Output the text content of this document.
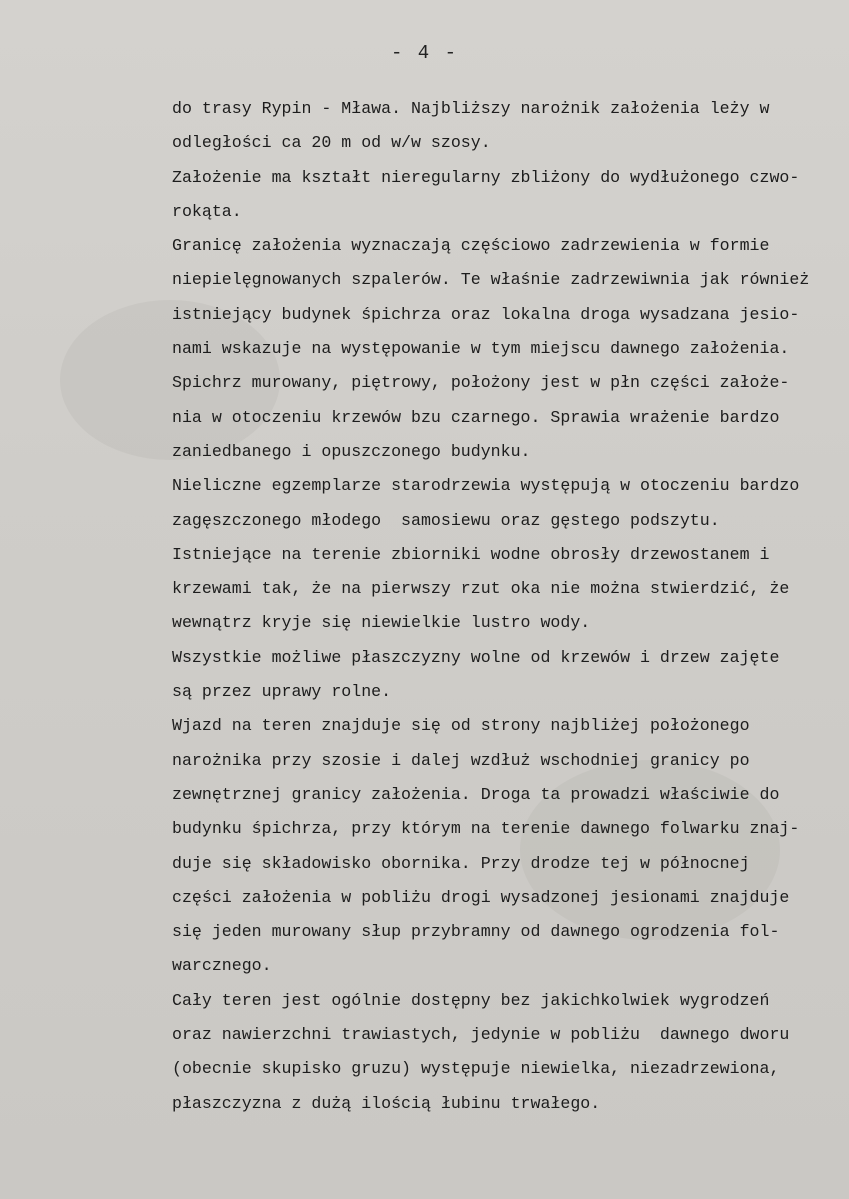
- 4 -
do trasy Rypin - Mława. Najbliższy narożnik założenia leży w
odległości ca 20 m od w/w szosy.
Założenie ma kształt nieregularny zbliżony do wydłużonego czwo-
rokąta.
Granicę założenia wyznaczają częściowo zadrzewienia w formie
niepielęgnowanych szpalerów. Te właśnie zadrzewiwnia jak również
istniejący budynek śpichrza oraz lokalna droga wysadzana jesio-
nami wskazuje na występowanie w tym miejscu dawnego założenia.
Spichrz murowany, piętrowy, położony jest w płn części założe-
nia w otoczeniu krzewów bzu czarnego. Sprawia wrażenie bardzo
zaniedbanego i opuszczonego budynku.
Nieliczne egzemplarze starodrzewia występują w otoczeniu bardzo
zagęszczonego młodego  samosiewu oraz gęstego podszytu.
Istniejące na terenie zbiorniki wodne obrosły drzewostanem i
krzewami tak, że na pierwszy rzut oka nie można stwierdzić, że
wewnątrz kryje się niewielkie lustro wody.
Wszystkie możliwe płaszczyzny wolne od krzewów i drzew zajęte
są przez uprawy rolne.
Wjazd na teren znajduje się od strony najbliżej położonego
narożnika przy szosie i dalej wzdłuż wschodniej granicy po
zewnętrznej granicy założenia. Droga ta prowadzi właściwie do
budynku śpichrza, przy którym na terenie dawnego folwarku znaj-
duje się składowisko obornika. Przy drodze tej w północnej
części założenia w pobliżu drogi wysadzonej jesionami znajduje
się jeden murowany słup przybramny od dawnego ogrodzenia fol-
warcznego.
Cały teren jest ogólnie dostępny bez jakichkolwiek wygrodzeń
oraz nawierzchni trawiastych, jedynie w pobliżu  dawnego dworu
(obecnie skupisko gruzu) występuje niewielka, niezadrzewiona,
płaszczyzna z dużą ilością łubinu trwałego.
